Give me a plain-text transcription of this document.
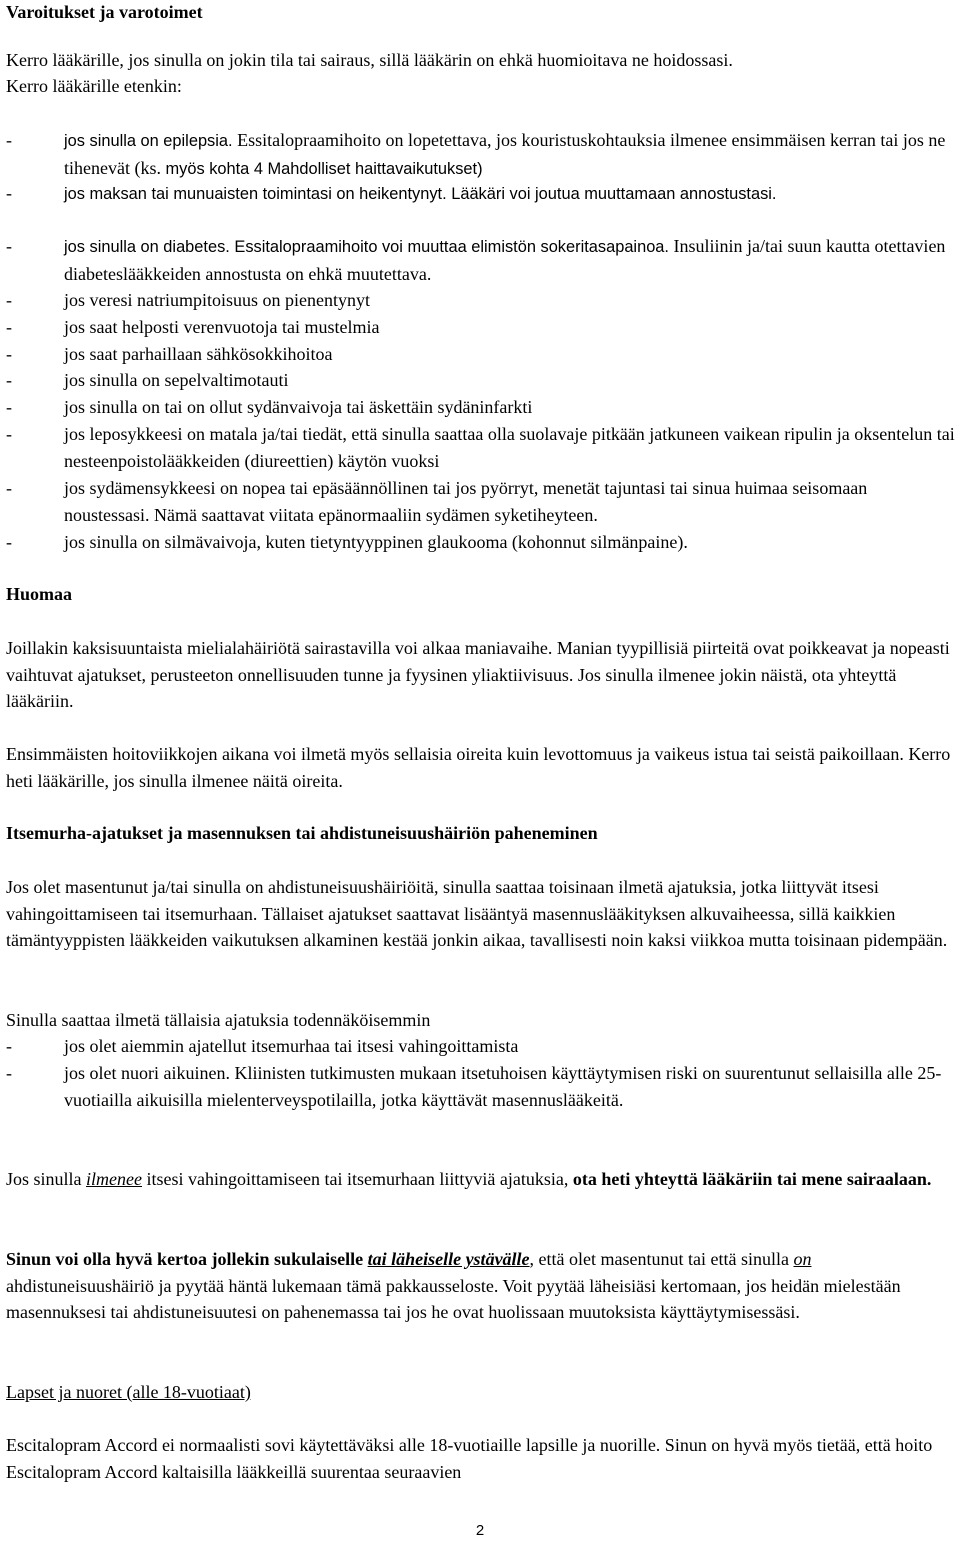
Varoitukset ja varotoimet

Kerro lääkärille, jos sinulla on jokin tila tai sairaus, sillä lääkärin on ehkä huomioitava ne hoidossasi.

Kerro lääkärille etenkin:

-	jos sinulla on epilepsia. Essitalopraamihoito on lopetettava, jos kouristuskohtauksia ilmenee ensimmäisen kerran tai jos ne tihenevät (ks. myös kohta 4 Mahdolliset haittavaikutukset)

-	jos maksan tai munuaisten toimintasi on heikentynyt. Lääkäri voi joutua muuttamaan annostustasi.

-	jos sinulla on diabetes. Essitalopraamihoito voi muuttaa elimistön sokeritasapainoa. Insuliinin ja/tai suun kautta otettavien diabeteslääkkeiden annostusta on ehkä muutettava.

-	jos veresi natriumpitoisuus on pienentynyt

-	jos saat helposti verenvuotoja tai mustelmia

-	jos saat parhaillaan sähkösokkihoitoa

-	jos sinulla on sepelvaltimotauti

-	jos sinulla on tai on ollut sydänvaivoja tai äskettäin sydäninfarkti

-	jos leposykkeesi on matala ja/tai tiedät, että sinulla saattaa olla suolavaje pitkään jatkuneen vaikean ripulin ja oksentelun tai nesteenpoistolääkkeiden (diureettien) käytön vuoksi

-	jos sydämensykkeesi on nopea tai epäsäännöllinen tai jos pyörryt, menetät tajuntasi tai sinua huimaa seisomaan noustessasi. Nämä saattavat viitata epänormaaliin sydämen syketiheyteen.

-	jos sinulla on silmävaivoja, kuten tietyntyyppinen glaukooma (kohonnut silmänpaine).

Huomaa

Joillakin kaksisuuntaista mielialahäiriötä sairastavilla voi alkaa maniavaihe. Manian tyypillisiä piirteitä ovat poikkeavat ja nopeasti vaihtuvat ajatukset, perusteeton onnellisuuden tunne ja fyysinen yliaktiivisuus. Jos sinulla ilmenee jokin näistä, ota yhteyttä lääkäriin.

Ensimmäisten hoitoviikkojen aikana voi ilmetä myös sellaisia oireita kuin levottomuus ja vaikeus istua tai seistä paikoillaan. Kerro heti lääkärille, jos sinulla ilmenee näitä oireita.

Itsemurha-ajatukset ja masennuksen tai ahdistuneisuushäiriön paheneminen

Jos olet masentunut ja/tai sinulla on ahdistuneisuushäiriöitä, sinulla saattaa toisinaan ilmetä ajatuksia, jotka liittyvät itsesi vahingoittamiseen tai itsemurhaan. Tällaiset ajatukset saattavat lisääntyä masennuslääkityksen alkuvaiheessa, sillä kaikkien tämäntyyppisten lääkkeiden vaikutuksen alkaminen kestää jonkin aikaa, tavallisesti noin kaksi viikkoa mutta toisinaan pidempään.

Sinulla saattaa ilmetä tällaisia ajatuksia todennäköisemmin

-	jos olet aiemmin ajatellut itsemurhaa tai itsesi vahingoittamista

-	jos olet nuori aikuinen. Kliinisten tutkimusten mukaan itsetuhoisen käyttäytymisen riski on suurentunut sellaisilla alle 25-vuotiailla aikuisilla mielenterveyspotilailla, jotka käyttävät masennuslääkeitä.

Jos sinulla ilmenee itsesi vahingoittamiseen tai itsemurhaan liittyviä ajatuksia, ota heti yhteyttä lääkäriin tai mene sairaalaan.

Sinun voi olla hyvä kertoa jollekin sukulaiselle tai läheiselle ystävälle, että olet masentunut tai että sinulla on ahdistuneisuushäiriö ja pyytää häntä lukemaan tämä pakkausseloste. Voit pyytää läheisiäsi kertomaan, jos heidän mielestään masennuksesi tai ahdistuneisuutesi on pahenemassa tai jos he ovat huolissaan muutoksista käyttäytymisessäsi.

Lapset ja nuoret (alle 18-vuotiaat)

Escitalopram Accord ei normaalisti sovi käytettäväksi alle 18-vuotiaille lapsille ja nuorille. Sinun on hyvä myös tietää, että hoito Escitalopram Accord kaltaisilla lääkkeillä suurentaa seuraavien

2
